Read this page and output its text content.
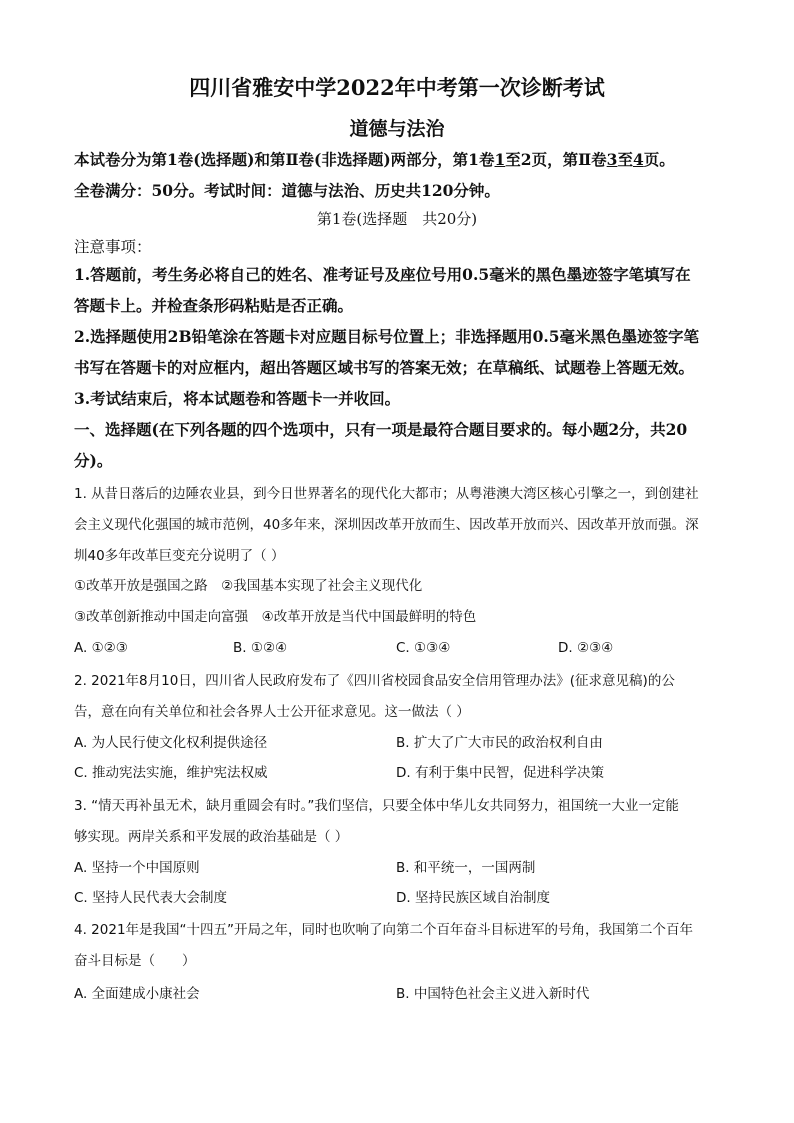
四川省雅安中学2022年中考第一次诊断考试
道德与法治
本试卷分为第1卷(选择题)和第Ⅱ卷(非选择题)两部分，第1卷1至2页，第Ⅱ卷3至4页。
全卷满分：50分。考试时间：道德与法治、历史共120分钟。
第1卷(选择题　共20分)
注意事项：
1.答题前，考生务必将自己的姓名、准考证号及座位号用0.5毫米的黑色墨迹签字笔填写在
答题卡上。并检查条形码粘贴是否正确。
2.选择题使用2B铅笔涂在答题卡对应题目标号位置上；非选择题用0.5毫米黑色墨迹签字笔
书写在答题卡的对应框内，超出答题区域书写的答案无效；在草稿纸、试题卷上答题无效。
3.考试结束后，将本试题卷和答题卡一并收回。
一、选择题(在下列各题的四个选项中，只有一项是最符合题目要求的。每小题2分，共20
分)。
1. 从昔日落后的边陲农业县，到今日世界著名的现代化大都市；从粤港澳大湾区核心引擎之一，到创建社
会主义现代化强国的城市范例，40多年来，深圳因改革开放而生、因改革开放而兴、因改革开放而强。深
圳40多年改革巨变充分说明了（ ）
①改革开放是强国之路　②我国基本实现了社会主义现代化
③改革创新推动中国走向富强　④改革开放是当代中国最鲜明的特色
A. ①②③	B. ①②④	C. ①③④	D. ②③④
2. 2021年8月10日，四川省人民政府发布了《四川省校园食品安全信用管理办法》(征求意见稿)的公
告，意在向有关单位和社会各界人士公开征求意见。这一做法（ ）
A. 为人民行使文化权利提供途径	B. 扩大了广大市民的政治权利自由
C. 推动宪法实施，维护宪法权威	D. 有利于集中民智，促进科学决策
3. “情天再补虽无术，缺月重圆会有时。”我们坚信，只要全体中华儿女共同努力，祖国统一大业一定能
够实现。两岸关系和平发展的政治基础是（ ）
A. 坚持一个中国原则	B. 和平统一，一国两制
C. 坚持人民代表大会制度	D. 坚持民族区域自治制度
4. 2021年是我国“十四五”开局之年，同时也吹响了向第二个百年奋斗目标进军的号角，我国第二个百年
奋斗目标是（　　）
A. 全面建成小康社会	B. 中国特色社会主义进入新时代
